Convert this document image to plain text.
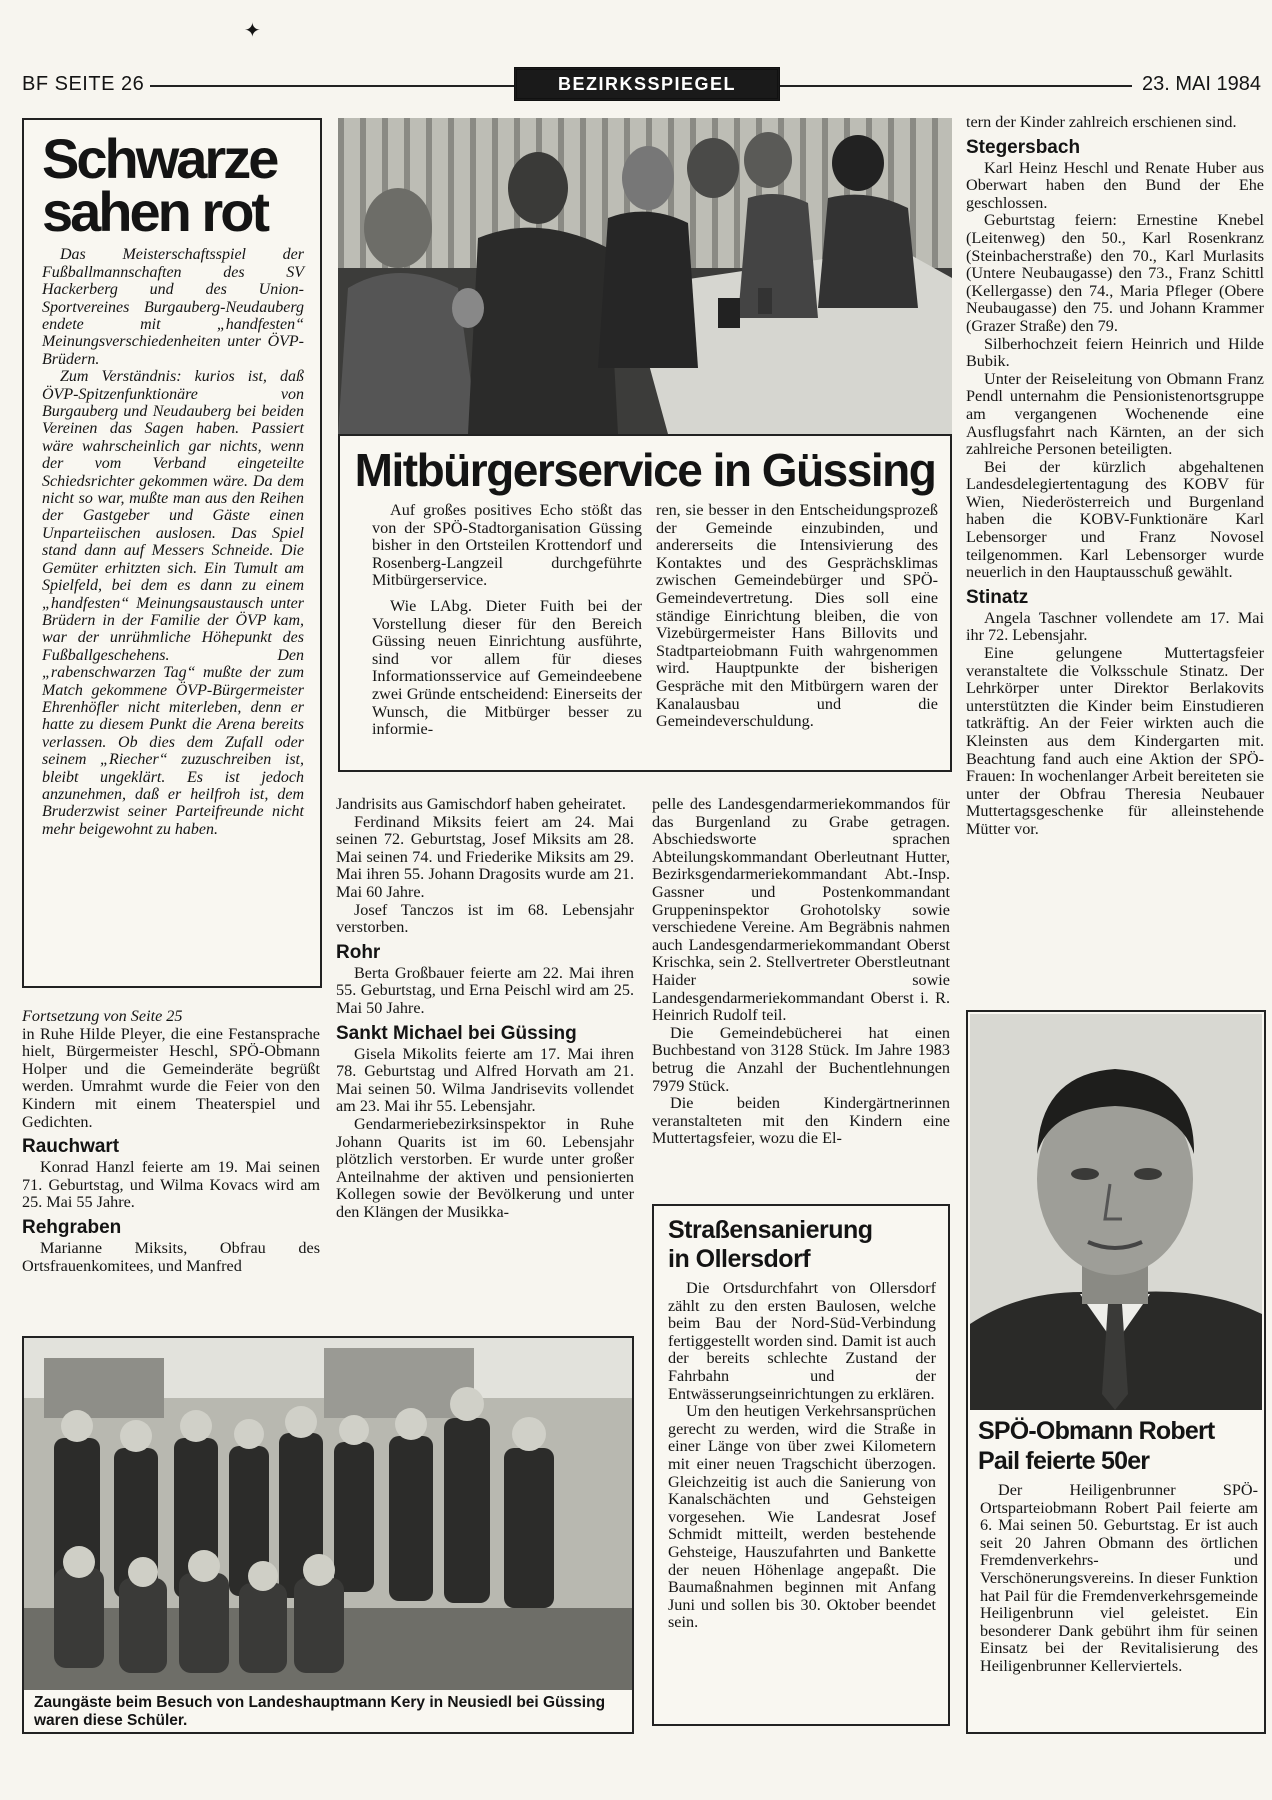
✦
BF SEITE 26	BEZIRKSSPIEGEL	23. MAI 1984
Schwarze
sahen rot

Das Meisterschaftsspiel der Fußballmannschaften des SV Hackerberg und des Union-Sportvereines Burgauberg-Neudauberg endete mit „handfesten“ Meinungsverschiedenheiten unter ÖVP-Brüdern.

Zum Verständnis: kurios ist, daß ÖVP-Spitzenfunktionäre von Burgauberg und Neudauberg bei beiden Vereinen das Sagen haben. Passiert wäre wahrscheinlich gar nichts, wenn der vom Verband eingeteilte Schiedsrichter gekommen wäre. Da dem nicht so war, mußte man aus den Reihen der Gastgeber und Gäste einen Unparteiischen auslosen. Das Spiel stand dann auf Messers Schneide. Die Gemüter erhitzten sich. Ein Tumult am Spielfeld, bei dem es dann zu einem „handfesten“ Meinungsaustausch unter Brüdern in der Familie der ÖVP kam, war der unrühmliche Höhepunkt des Fußballgeschehens. Den „rabenschwarzen Tag“ mußte der zum Match gekommene ÖVP-Bürgermeister Ehrenhöfler nicht miterleben, denn er hatte zu diesem Punkt die Arena bereits verlassen. Ob dies dem Zufall oder seinem „Riecher“ zuzuschreiben ist, bleibt ungeklärt. Es ist jedoch anzunehmen, daß er heilfroh ist, dem Bruderzwist seiner Parteifreunde nicht mehr beigewohnt zu haben.

Fortsetzung von Seite 25

in Ruhe Hilde Pleyer, die eine Festansprache hielt, Bürgermeister Heschl, SPÖ-Obmann Holper und die Gemeinderäte begrüßt werden. Umrahmt wurde die Feier von den Kindern mit einem Theaterspiel und Gedichten.

Rauchwart

Konrad Hanzl feierte am 19. Mai seinen 71. Geburtstag, und Wilma Kovacs wird am 25. Mai 55 Jahre.

Rehgraben

Marianne Miksits, Obfrau des Ortsfrauenkomitees, und Manfred

Mitbürgerservice in Güssing

Auf großes positives Echo stößt das von der SPÖ-Stadtorganisation Güssing bisher in den Ortsteilen Krottendorf und Rosenberg-Langzeil durchgeführte Mitbürgerservice.

Wie LAbg. Dieter Fuith bei der Vorstellung dieser für den Bereich Güssing neuen Einrichtung ausführte, sind vor allem für dieses Informationsservice auf Gemeindeebene zwei Gründe entscheidend: Einerseits der Wunsch, die Mitbürger besser zu informie-

ren, sie besser in den Entscheidungsprozeß der Gemeinde einzubinden, und andererseits die Intensivierung des Kontaktes und des Gesprächsklimas zwischen Gemeindebürger und SPÖ-Gemeindevertretung. Dies soll eine ständige Einrichtung bleiben, die von Vizebürgermeister Hans Billovits und Stadtparteiobmann Fuith wahrgenommen wird. Hauptpunkte der bisherigen Gespräche mit den Mitbürgern waren der Kanalausbau und die Gemeindeverschuldung.

Jandrisits aus Gamischdorf haben geheiratet.

Ferdinand Miksits feiert am 24. Mai seinen 72. Geburtstag, Josef Miksits am 28. Mai seinen 74. und Friederike Miksits am 29. Mai ihren 55. Johann Dragosits wurde am 21. Mai 60 Jahre.

Josef Tanczos ist im 68. Lebensjahr verstorben.

Rohr

Berta Großbauer feierte am 22. Mai ihren 55. Geburtstag, und Erna Peischl wird am 25. Mai 50 Jahre.

Sankt Michael bei Güssing

Gisela Mikolits feierte am 17. Mai ihren 78. Geburtstag und Alfred Horvath am 21. Mai seinen 50. Wilma Jandrisevits vollendet am 23. Mai ihr 55. Lebensjahr.

Gendarmeriebezirksinspektor in Ruhe Johann Quarits ist im 60. Lebensjahr plötzlich verstorben. Er wurde unter großer Anteilnahme der aktiven und pensionierten Kollegen sowie der Bevölkerung und unter den Klängen der Musikka-

pelle des Landesgendarmeriekommandos für das Burgenland zu Grabe getragen. Abschiedsworte sprachen Abteilungskommandant Oberleutnant Hutter, Bezirksgendarmeriekommandant Abt.-Insp. Gassner und Postenkommandant Gruppeninspektor Grohotolsky sowie verschiedene Vereine. Am Begräbnis nahmen auch Landesgendarmeriekommandant Oberst Krischka, sein 2. Stellvertreter Oberstleutnant Haider sowie Landesgendarmeriekommandant Oberst i. R. Heinrich Rudolf teil.

Die Gemeindebücherei hat einen Buchbestand von 3128 Stück. Im Jahre 1983 betrug die Anzahl der Buchentlehnungen 7979 Stück.

Die beiden Kindergärtnerinnen veranstalteten mit den Kindern eine Muttertagsfeier, wozu die El-

Straßensanierung
in Ollersdorf

Die Ortsdurchfahrt von Ollersdorf zählt zu den ersten Baulosen, welche beim Bau der Nord-Süd-Verbindung fertiggestellt worden sind. Damit ist auch der bereits schlechte Zustand der Fahrbahn und der Entwässerungseinrichtungen zu erklären.

Um den heutigen Verkehrsansprüchen gerecht zu werden, wird die Straße in einer Länge von über zwei Kilometern mit einer neuen Tragschicht überzogen. Gleichzeitig ist auch die Sanierung von Kanalschächten und Gehsteigen vorgesehen. Wie Landesrat Josef Schmidt mitteilt, werden bestehende Gehsteige, Hauszufahrten und Bankette der neuen Höhenlage angepaßt. Die Baumaßnahmen beginnen mit Anfang Juni und sollen bis 30. Oktober beendet sein.

Zaungäste beim Besuch von Landeshauptmann Kery in Neusiedl bei Güssing waren diese Schüler.

tern der Kinder zahlreich erschienen sind.

Stegersbach

Karl Heinz Heschl und Renate Huber aus Oberwart haben den Bund der Ehe geschlossen.

Geburtstag feiern: Ernestine Knebel (Leitenweg) den 50., Karl Rosenkranz (Steinbacherstraße) den 70., Karl Murlasits (Untere Neubaugasse) den 73., Franz Schittl (Kellergasse) den 74., Maria Pfleger (Obere Neubaugasse) den 75. und Johann Krammer (Grazer Straße) den 79.

Silberhochzeit feiern Heinrich und Hilde Bubik.

Unter der Reiseleitung von Obmann Franz Pendl unternahm die Pensionistenortsgruppe am vergangenen Wochenende eine Ausflugsfahrt nach Kärnten, an der sich zahlreiche Personen beteiligten.

Bei der kürzlich abgehaltenen Landesdelegiertentagung des KOBV für Wien, Niederösterreich und Burgenland haben die KOBV-Funktionäre Karl Lebensorger und Franz Novosel teilgenommen. Karl Lebensorger wurde neuerlich in den Hauptausschuß gewählt.

Stinatz

Angela Taschner vollendete am 17. Mai ihr 72. Lebensjahr.

Eine gelungene Muttertagsfeier veranstaltete die Volksschule Stinatz. Der Lehrkörper unter Direktor Berlakovits unterstützten die Kinder beim Einstudieren tatkräftig. An der Feier wirkten auch die Kleinsten aus dem Kindergarten mit. Beachtung fand auch eine Aktion der SPÖ-Frauen: In wochenlanger Arbeit bereiteten sie unter der Obfrau Theresia Neubauer Muttertagsgeschenke für alleinstehende Mütter vor.

SPÖ-Obmann Robert
Pail feierte 50er

Der Heiligenbrunner SPÖ-Ortsparteiobmann Robert Pail feierte am 6. Mai seinen 50. Geburtstag. Er ist auch seit 20 Jahren Obmann des örtlichen Fremdenverkehrs- und Verschönerungsvereins. In dieser Funktion hat Pail für die Fremdenverkehrsgemeinde Heiligenbrunn viel geleistet. Ein besonderer Dank gebührt ihm für seinen Einsatz bei der Revitalisierung des Heiligenbrunner Kellerviertels.
